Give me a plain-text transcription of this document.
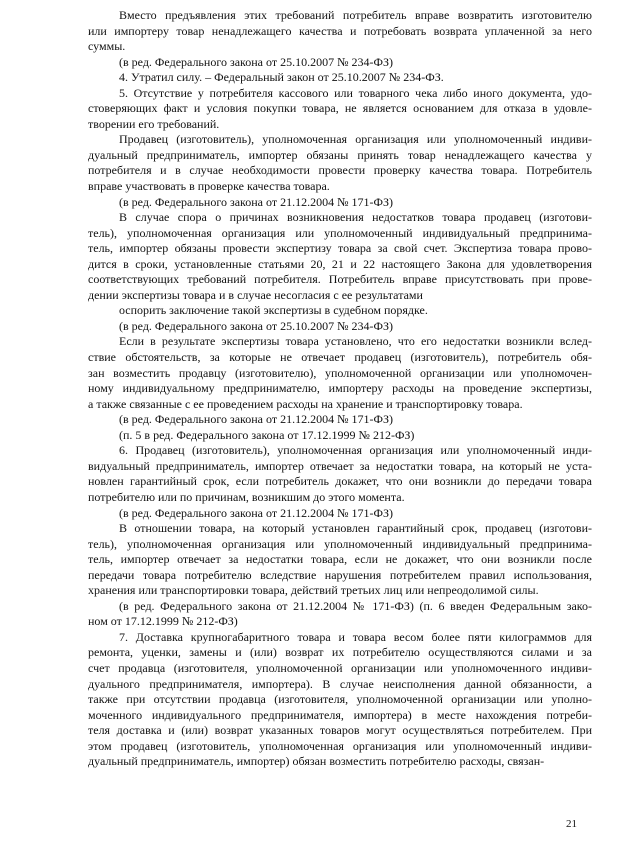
Вместо предъявления этих требований потребитель вправе возвратить изготовителю
или импортеру товар ненадлежащего качества и потребовать возврата уплаченной за него
суммы.
(в ред. Федерального закона от 25.10.2007 № 234-ФЗ)
4. Утратил силу. – Федеральный закон от 25.10.2007 № 234-ФЗ.
5. Отсутствие у потребителя кассового или товарного чека либо иного документа, удо-
стоверяющих факт и условия покупки товара, не является основанием для отказа в удовле-
творении его требований.
Продавец (изготовитель), уполномоченная организация или уполномоченный индиви-
дуальный предприниматель, импортер обязаны принять товар ненадлежащего качества у
потребителя и в случае необходимости провести проверку качества товара. Потребитель
вправе участвовать в проверке качества товара.
(в ред. Федерального закона от 21.12.2004 № 171-ФЗ)
В случае спора о причинах возникновения недостатков товара продавец (изготови-
тель), уполномоченная организация или уполномоченный индивидуальный предпринима-
тель, импортер обязаны провести экспертизу товара за свой счет. Экспертиза товара прово-
дится в сроки, установленные статьями 20, 21 и 22 настоящего Закона для удовлетворения
соответствующих требований потребителя. Потребитель вправе присутствовать при прове-
дении экспертизы товара и в случае несогласия с ее результатами
оспорить заключение такой экспертизы в судебном порядке.
(в ред. Федерального закона от 25.10.2007 № 234-ФЗ)
Если в результате экспертизы товара установлено, что его недостатки возникли вслед-
ствие обстоятельств, за которые не отвечает продавец (изготовитель), потребитель обя-
зан возместить продавцу (изготовителю), уполномоченной организации или уполномочен-
ному индивидуальному предпринимателю, импортеру расходы на проведение экспертизы,
а также связанные с ее проведением расходы на хранение и транспортировку товара.
(в ред. Федерального закона от 21.12.2004 № 171-ФЗ)
(п. 5 в ред. Федерального закона от 17.12.1999 № 212-ФЗ)
6. Продавец (изготовитель), уполномоченная организация или уполномоченный инди-
видуальный предприниматель, импортер отвечает за недостатки товара, на который не уста-
новлен гарантийный срок, если потребитель докажет, что они возникли до передачи товара
потребителю или по причинам, возникшим до этого момента.
(в ред. Федерального закона от 21.12.2004 № 171-ФЗ)
В отношении товара, на который установлен гарантийный срок, продавец (изготови-
тель), уполномоченная организация или уполномоченный индивидуальный предпринима-
тель, импортер отвечает за недостатки товара, если не докажет, что они возникли после
передачи товара потребителю вследствие нарушения потребителем правил использования,
хранения или транспортировки товара, действий третьих лиц или непреодолимой силы.
(в ред. Федерального закона от 21.12.2004 № 171-ФЗ) (п. 6 введен Федеральным зако-
ном от 17.12.1999 № 212-ФЗ)
7. Доставка крупногабаритного товара и товара весом более пяти килограммов для
ремонта, уценки, замены и (или) возврат их потребителю осуществляются силами и за
счет продавца (изготовителя, уполномоченной организации или уполномоченного индиви-
дуального предпринимателя, импортера). В случае неисполнения данной обязанности, а
также при отсутствии продавца (изготовителя, уполномоченной организации или уполно-
моченного индивидуального предпринимателя, импортера) в месте нахождения потреби-
теля доставка и (или) возврат указанных товаров могут осуществляться потребителем. При
этом продавец (изготовитель, уполномоченная организация или уполномоченный индиви-
дуальный предприниматель, импортер) обязан возместить потребителю расходы, связан-
21
